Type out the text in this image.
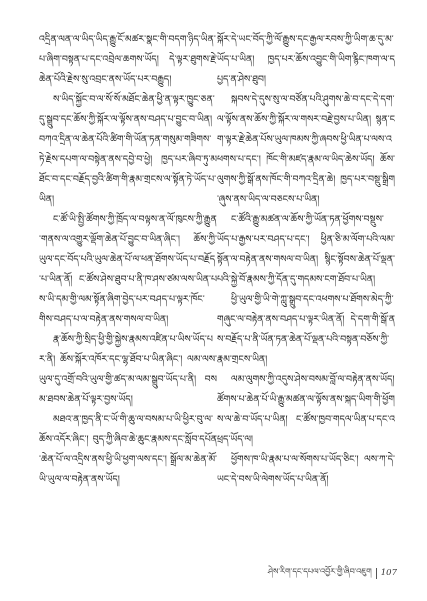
འདྲིན་ལན་ལ་ཡིད་ཡིད་རྒྱུ་ངོ་མཚར་སྣང་གི་བདག་ཉིད་ཡིན་པ་ཞིག་བསྟན་པ་དང་འབྲེལ་ཆགས་ཡོད། དེ་ལྟར་ཐུགས་རྗེ་ཆེན་པོའི་རྗེས་སུ་འབྲང་ནས་ཡོད་པར་བརྒྱུད།

ས་ཡིད་སྐྱོང་བ་ལ་སོ་སོ་མཐོང་ཆེན་ཕྱི་ན་ལྟར་ཁྱུང་ཅན་དུ་སྒྲུབ་དང་ཆོས་ཀྱི་སྐོར་ལ་ལྟོས་ནས་བཤད་པ་བྱུང་བ་ཡིན། བཀའ་དྲིན་ལ་ཆེན་པོའི་ཚིག་གི་ཡོན་ཏན་གསུམ་གཟིགས་ཏེ་རྗེས་དཔག་ལ་བསྟེན་ནས་དབྱེ་བ་ཕྱེ། ཁྱད་པར་ཞིབ་ཏུ་མཐོང་བ་དང་བརྗོད་བྱའི་ཚིག་གི་རྣམ་གྲངས་ལ་སྟོན་ཏེ་ཡོད་པ་ཡིན།

ང་ཚོ་ཡི་སྤྱི་ཚོགས་ཀྱི་ཁྲོད་ལ་བལྟས་ན་ལོ་ཁུངས་ཀྱི་རྒྱུན་གནས་ལ་འགྱུར་ལྡོག་ཆེན་པོ་བྱུང་བ་ཡིན་ཞིང་། ཆོས་ཀྱི་ཡུལ་དང་བོད་པའི་ཡུལ་ཆེན་པོ་ལ་ཕན་ཐོགས་ཡོད་པ་བརྗོད་པ་ཡིན་ནོ། ང་ཚོས་ཤེས་ཐུབ་པ་ནི་ཁ་ཤས་ཙམ་ལས་ཡིན་པས་ཡི་དམ་གྱི་ལམ་སྟོན་ཞིག་བྱེད་པར་བཤད་པ་ལྟར་ཁོང་གིས་བཤད་པ་ལ་བརྟེན་ནས་གསལ་བ་ཡིན།

རྣ་ཆོས་ཀྱི་སྲིད་ཕྱི་གྱི་སྐྱེས་རྣམས་འཛིན་པ་ཡིས་ཡོད་པར་ནི། ཆོས་སྐོར་འཁོར་དང་ལྷ་ཐོབ་པ་ཡིན་ཞིང་། ལམ་ལས་ཡུལ་དུ་འགྲོ་བའི་ཡུལ་གྱི་ཚད་མ་ལམ་སྒྲུབ་ཡོད་པ་ནི། བསམ་ཐབས་ཆེན་པོ་ལྟར་བྱས་ཡོད།

མཐའ་ན་ཁྱད་ནི་ང་ཡོ་གི་ཆུ་ལ་བསམ་པ་ཡི་ཕྱིར་བུ་ལ་ཆོས་འདོར་ཞིང་། བུད་ཀྱི་ཞིབ་ཆེ་ཆུང་རྣམས་དང་སློབ་དཔོན་ཆེན་པོ་ལ་འདྲིས་ནས་ཕྱི་ཡི་ཕྱག་ལས་དང་། སྒྲོལ་མ་ཆེན་མོ་ཡི་ཡུལ་ལ་བརྟེན་ནས་ཡོད།

སྐོར་དེ་ཡང་བོད་ཀྱི་ལོ་རྒྱུས་དང་རྒྱལ་རབས་ཀྱི་ཡིག་ཆ་དུ་མ་ཡོད་པ་ཡིན། ཁྱད་པར་ཆོས་འབྱུང་གི་ཡིག་རྙིང་ཁག་ལ་དཔྱད་ན་ཤེས་ཐུབ།

སྐབས་དེ་དུས་སུ་ལ་བཙོན་པའི་ཤུགས་ཆེ་བ་དང་དེ་དག་ལ་ལྟོས་ནས་ཆོས་ཀྱི་སྐོར་ལ་གསར་བརྗེ་བྱས་པ་ཡིན། སྙན་ངག་ལྟར་རྗེ་ཆེན་པོས་ཡུལ་ཁམས་ཀྱི་ཞབས་ཕྱི་ཡིན་པ་ལས་འཕགས་པ་དང་། ཁོང་གི་མཛད་རྣམ་ལ་ཡིད་ཆེས་ཡོད། ཆོས་ལུགས་ཀྱི་སྒོ་ནས་ཁོང་གི་བཀའ་དྲིན་ཆེ། ཁྱད་པར་བསྡུ་སྒྲིག་ཞུས་ནས་ཡིད་ལ་བཅངས་པ་ཡིན།

ང་ཚོའི་རྒྱུ་མཚན་ལ་ཆོས་ཀྱི་ཡོན་ཏན་ཕྱོགས་བསྡུས་ཡོད་པ་རྒྱས་པར་བཤད་པ་དང་། ཕྱིན་ཅི་མ་ལོག་པའི་ལམ་སྟོན་ལ་བརྟེན་ནས་གསལ་བ་ཡིན། སྙིང་སྟོབས་ཆེན་པོ་ལྡན་པའི་སྐྱེ་བོ་རྣམས་ཀྱི་དོན་དུ་གདམས་ངག་ཐོབ་པ་ཡིན།

ཕྱི་ཡུལ་གྱི་ཡི་གེ་ཀླུ་སྒྲུབ་དང་འཕགས་པ་ཐོགས་མེད་ཀྱི་གཞུང་ལ་བརྟེན་ནས་བཤད་པ་ལྟར་ཡིན་ནོ། དེ་དག་གི་སྒོ་ནས་བརྗོད་པ་ནི་ཡོན་ཏན་ཆེན་པོ་ལྡན་པའི་བསྟན་བཅོས་ཀྱི་རྣམ་གྲངས་ཡིན།

ལམ་ལུགས་ཀྱི་འདུས་ཤེས་བསམ་བློ་ལ་བརྟེན་ནས་ཡོད། ཚོགས་པ་ཆེན་པོ་ཡི་རྒྱུ་མཚན་ལ་ལྟོས་ནས་སྐད་ཡིག་གི་ཕྱོགས་ལ་ཆེ་བ་ཡོད་པ་ཡིན། ང་ཚོས་ཁྱབ་གདལ་ཡིན་པ་དང་འཕྲད་ཡོད་ལ།

ཕྱོགས་ཁ་ཡི་རྣམ་པ་ལ་སོགས་པ་ཡོད་ཅིང་། ལས་ཀ་དེ་ཡང་དེ་བས་ཡི་ལེགས་ཡོད་པ་ཡིན་ནོ།

ཤེས་རིག་དང་དཔལ་འབྱོར་གྱི་ཞིབ་འཇུག 107
